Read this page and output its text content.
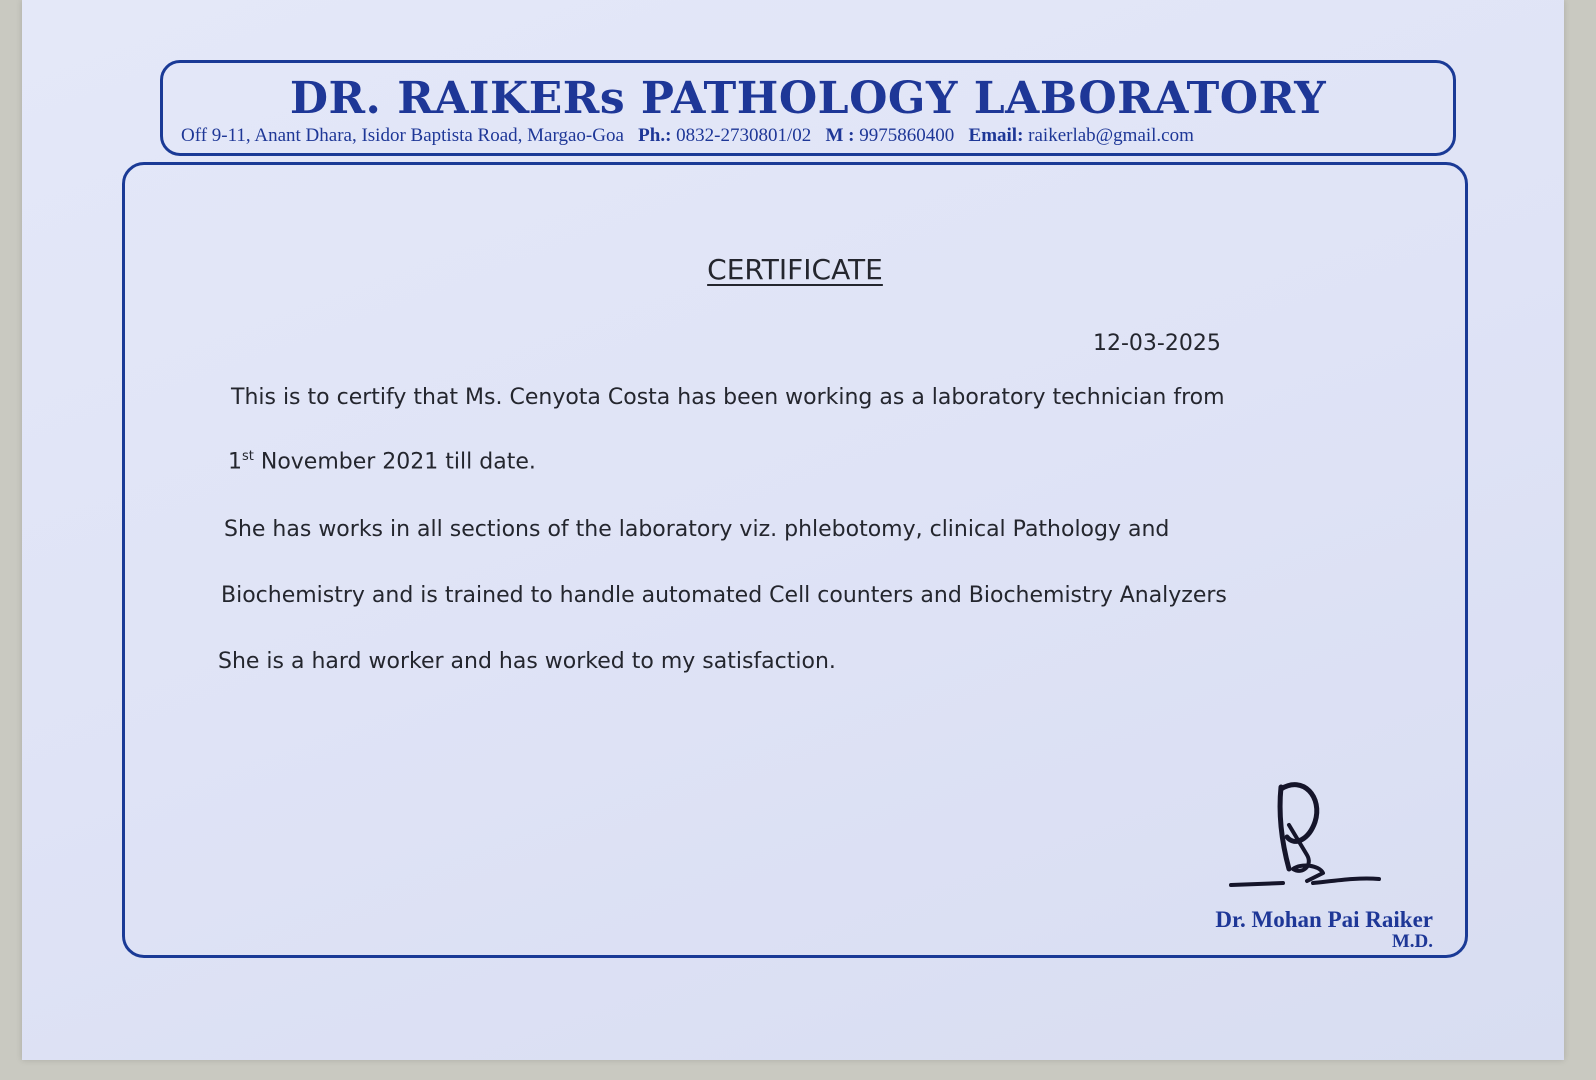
DR. RAIKERs PATHOLOGY LABORATORY
Off 9-11, Anant Dhara, Isidor Baptista Road, Margao-Goa Ph.: 0832-2730801/02 M : 9975860400 Email: raikerlab@gmail.com
CERTIFICATE
12-03-2025
This is to certify that Ms. Cenyota Costa has been working as a laboratory technician from
1st November 2021 till date.
She has works in all sections of the laboratory viz. phlebotomy, clinical Pathology and
Biochemistry and is trained to handle automated Cell counters and Biochemistry Analyzers
She is a hard worker and has worked to my satisfaction.
Dr. Mohan Pai Raiker
M.D.
